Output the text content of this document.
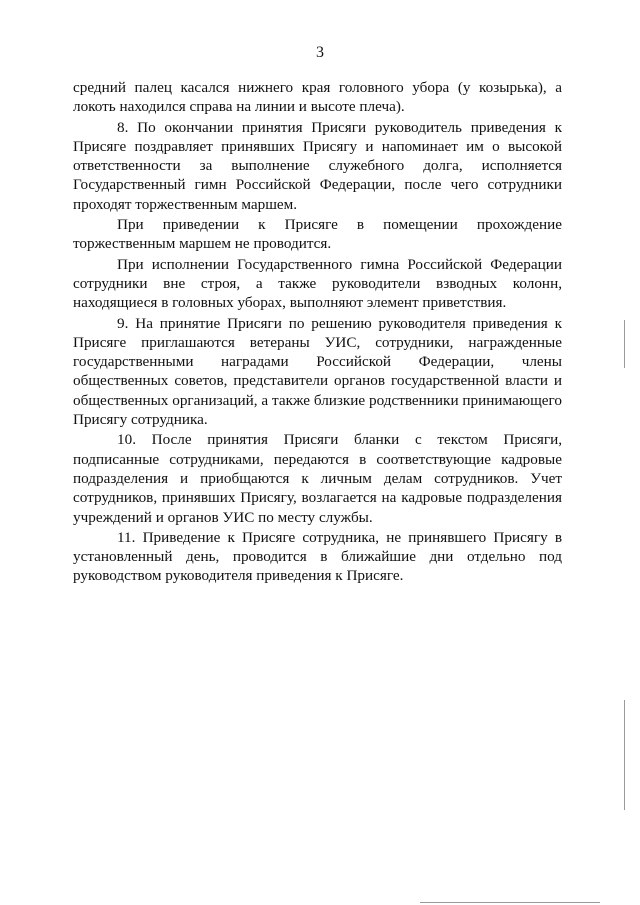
3

средний палец касался нижнего края головного убора (у козырька), а локоть находился справа на линии и высоте плеча).

8. По окончании принятия Присяги руководитель приведения к Присяге поздравляет принявших Присягу и напоминает им о высокой ответственности за выполнение служебного долга, исполняется Государственный гимн Российской Федерации, после чего сотрудники проходят торжественным маршем.

При приведении к Присяге в помещении прохождение торжественным маршем не проводится.

При исполнении Государственного гимна Российской Федерации сотрудники вне строя, а также руководители взводных колонн, находящиеся в головных уборах, выполняют элемент приветствия.

9. На принятие Присяги по решению руководителя приведения к Присяге приглашаются ветераны УИС, сотрудники, награжденные государственными наградами Российской Федерации, члены общественных советов, представители органов государственной власти и общественных организаций, а также близкие родственники принимающего Присягу сотрудника.

10. После принятия Присяги бланки с текстом Присяги, подписанные сотрудниками, передаются в соответствующие кадровые подразделения и приобщаются к личным делам сотрудников. Учет сотрудников, принявших Присягу, возлагается на кадровые подразделения учреждений и органов УИС по месту службы.

11. Приведение к Присяге сотрудника, не принявшего Присягу в установленный день, проводится в ближайшие дни отдельно под руководством руководителя приведения к Присяге.
